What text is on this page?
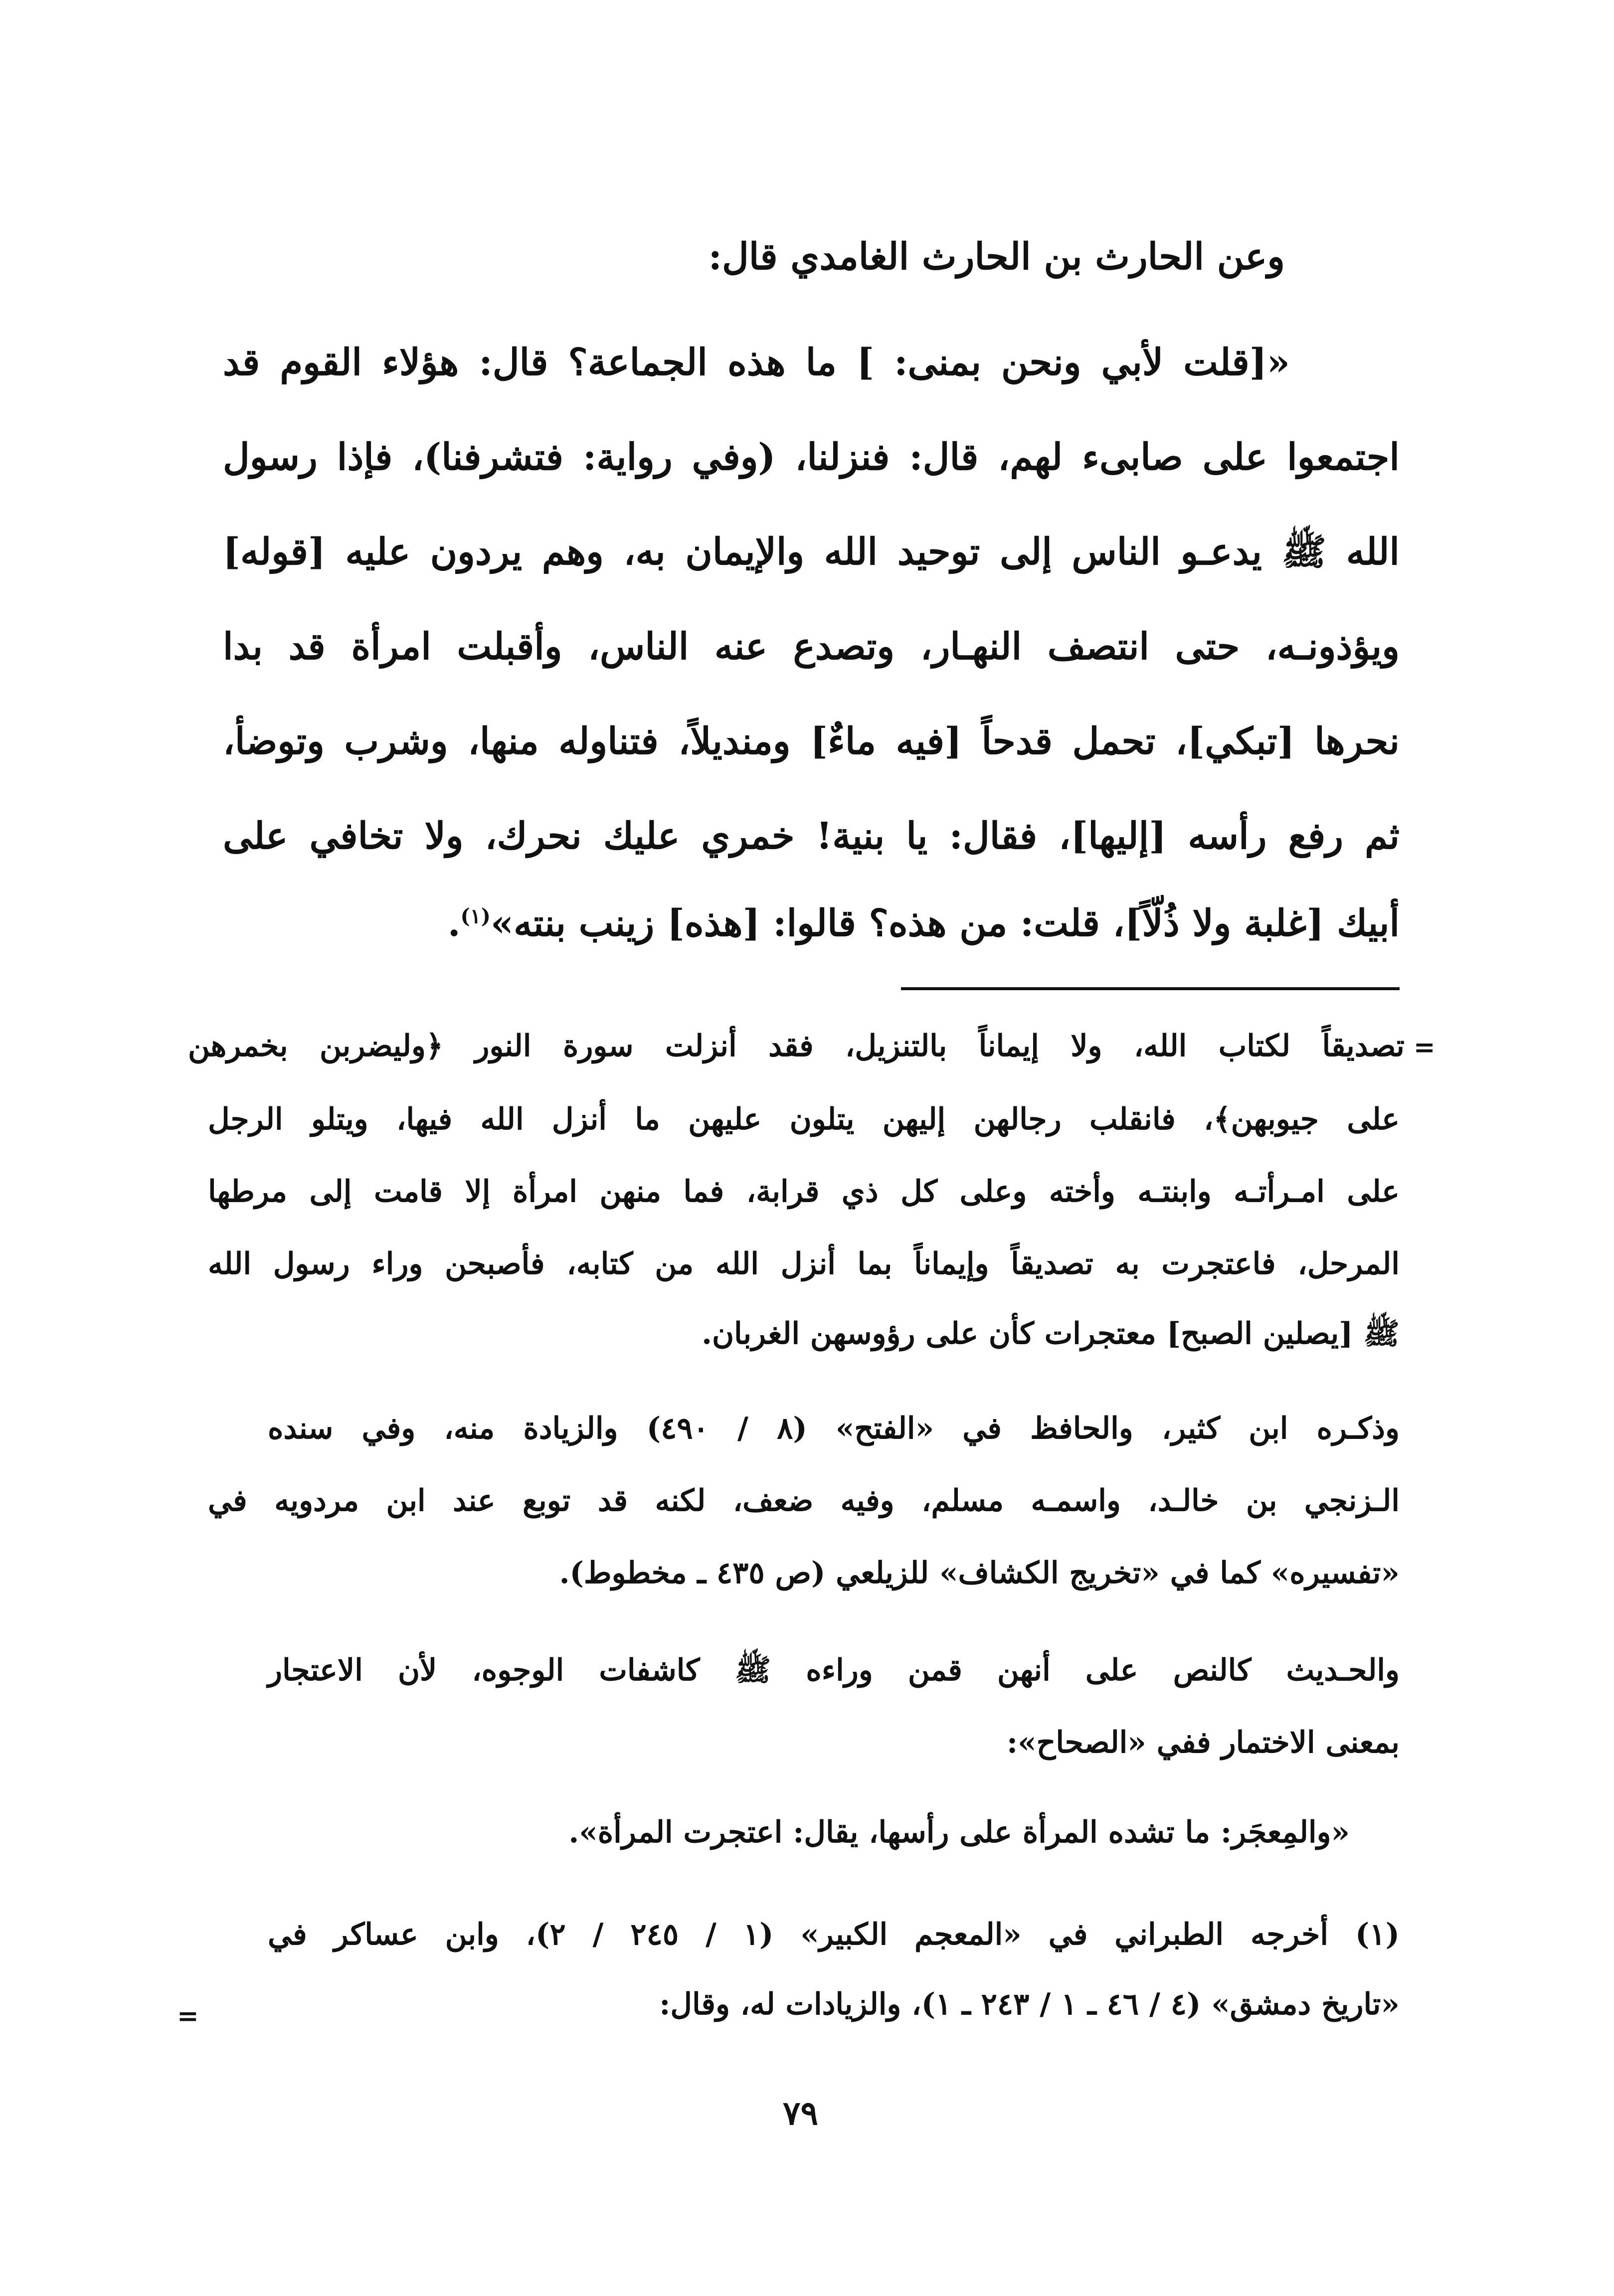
وعن الحارث بن الحارث الغامدي قال:
«[قلت لأبي ونحن بمنى: ] ما هذه الجماعة؟ قال: هؤلاء القوم قد
اجتمعوا على صابىء لهم، قال: فنزلنا، (وفي رواية: فتشرفنا)، فإذا رسول
الله ﷺ يدعـو الناس إلى توحيد الله والإيمان به، وهم يردون عليه [قوله]
ويؤذونـه، حتى انتصف النهـار، وتصدع عنه الناس، وأقبلت امرأة قد بدا
نحرها [تبكي]، تحمل قدحاً [فيه ماءٌ] ومنديلاً، فتناوله منها، وشرب وتوضأ،
ثم رفع رأسه [إليها]، فقال: يا بنية! خمري عليك نحرك، ولا تخافي على
أبيك [غلبة ولا ذُلّاً]، قلت: من هذه؟ قالوا: [هذه] زينب بنته»$^{(١)}$.
تصديقاً لكتاب الله، ولا إيماناً بالتنزيل، فقد أنزلت سورة النور ﴿وليضربن بخمرهن =
على جيوبهن﴾، فانقلب رجالهن إليهن يتلون عليهن ما أنزل الله فيها، ويتلو الرجل
على امـرأتـه وابنتـه وأخته وعلى كل ذي قرابة، فما منهن امرأة إلا قامت إلى مرطها
المرحل، فاعتجرت به تصديقاً وإيماناً بما أنزل الله من كتابه، فأصبحن وراء رسول الله
ﷺ [يصلين الصبح] معتجرات كأن على رؤوسهن الغربان.
وذكـره ابن كثير، والحافظ في «الفتح» (٨ / ٤٩٠) والزيادة منه، وفي سنده
الـزنجي بن خالـد، واسمـه مسلم، وفيه ضعف، لكنه قد توبع عند ابن مردويه في
«تفسيره» كما في «تخريج الكشاف» للزيلعي (ص ٤٣٥ ـ مخطوط).
والحـديث كالنص على أنهن قمن وراءه ﷺ كاشفات الوجوه، لأن الاعتجار
بمعنى الاختمار ففي «الصحاح»:
«والمِعجَر: ما تشده المرأة على رأسها، يقال: اعتجرت المرأة».
(١) أخرجه الطبراني في «المعجم الكبير» (١ / ٢٤٥ / ٢)، وابن عساكر في
«تاريخ دمشق» (٤ / ٤٦ ـ ١ / ٢٤٣ ـ ١)، والزيادات له، وقال:
=
٧٩
